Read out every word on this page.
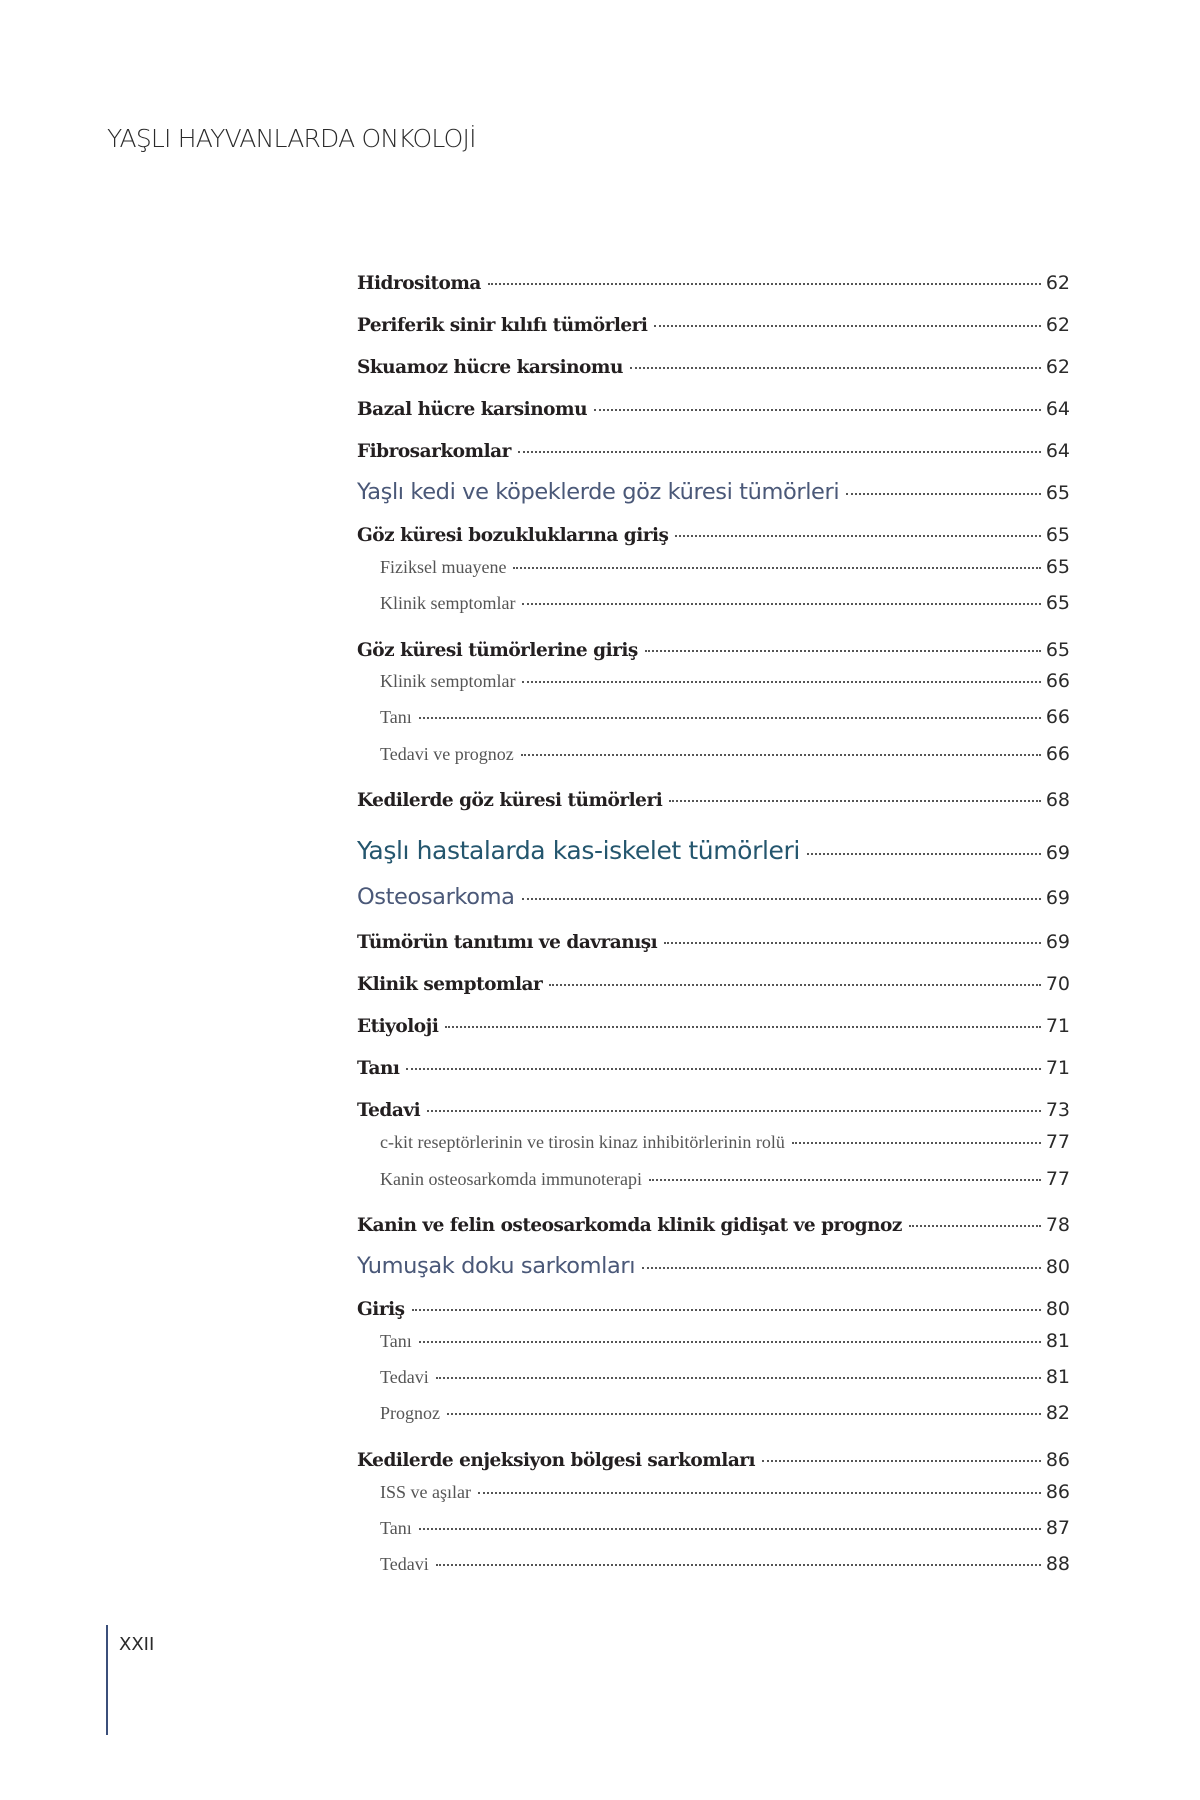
YAŞLI HAYVANLARDA ONKOLOJİ
Hidrositoma	62
Periferik sinir kılıfı tümörleri	62
Skuamoz hücre karsinomu	62
Bazal hücre karsinomu	64
Fibrosarkomlar	64
Yaşlı kedi ve köpeklerde göz küresi tümörleri	65
Göz küresi bozukluklarına giriş	65
Fiziksel muayene	65
Klinik semptomlar	65
Göz küresi tümörlerine giriş	65
Klinik semptomlar	66
Tanı	66
Tedavi ve prognoz	66
Kedilerde göz küresi tümörleri	68
Yaşlı hastalarda kas-iskelet tümörleri	69
Osteosarkoma	69
Tümörün tanıtımı ve davranışı	69
Klinik semptomlar	70
Etiyoloji	71
Tanı	71
Tedavi	73
c-kit reseptörlerinin ve tirosin kinaz inhibitörlerinin rolü	77
Kanin osteosarkomda immunoterapi	77
Kanin ve felin osteosarkomda klinik gidişat ve prognoz	78
Yumuşak doku sarkomları	80
Giriş	80
Tanı	81
Tedavi	81
Prognoz	82
Kedilerde enjeksiyon bölgesi sarkomları	86
ISS ve aşılar	86
Tanı	87
Tedavi	88
XXII
